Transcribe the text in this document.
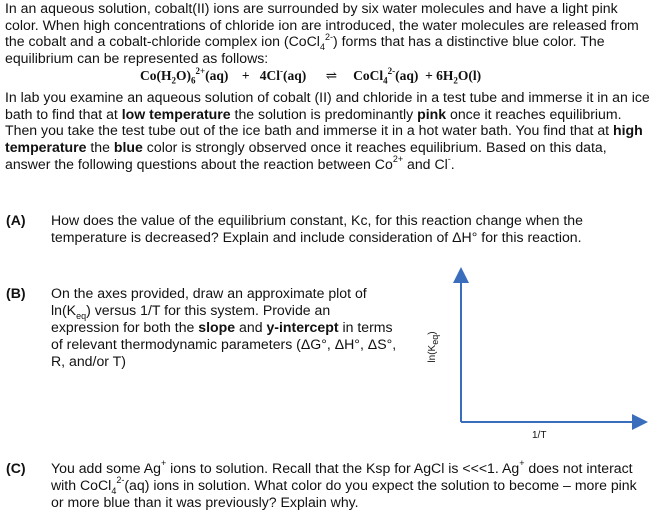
In an aqueous solution, cobalt(II) ions are surrounded by six water molecules and have a light pink color. When high concentrations of chloride ion are introduced, the water molecules are released from the cobalt and a cobalt-chloride complex ion (CoCl$_4^{2-}$) forms that has a distinctive blue color. The equilibrium can be represented as follows:

$Co(H_2O)_6^{2+}(aq) + 4Cl^-(aq)$ ⇌ CoCl$_4^{2-}$(aq) + $6H_2O(l)$

In lab you examine an aqueous solution of cobalt (II) and chloride in a test tube and immerse it in an ice bath to find that at low temperature the solution is predominantly pink once it reaches equilibrium. Then you take the test tube out of the ice bath and immerse it in a hot water bath. You find that at high temperature the blue color is strongly observed once it reaches equilibrium. Based on this data, answer the following questions about the reaction between $Co^{2+}$ and Cl-.

(A) How does the value of the equilibrium constant, Kc, for this reaction change when the temperature is decreased? Explain and include consideration of ΔH° for this reaction.
(B) On the axes provided, draw an approximate plot of $\ln(K_{eq})$ versus 1/T for this system. Provide an expression for both the slope and y-intercept in terms of relevant thermodynamic parameters (ΔG°, ΔH°, ΔS°, R, and/or T)	$\ln(K_{eq})$
1/T
(C) You add some Ag+ ions to solution. Recall that the Ksp for AgCl is <<<1. Ag+ does not interact with CoCl$_4^{2-}$(aq) ions in solution. What color do you expect the solution to become – more pink or more blue than it was previously? Explain why.
